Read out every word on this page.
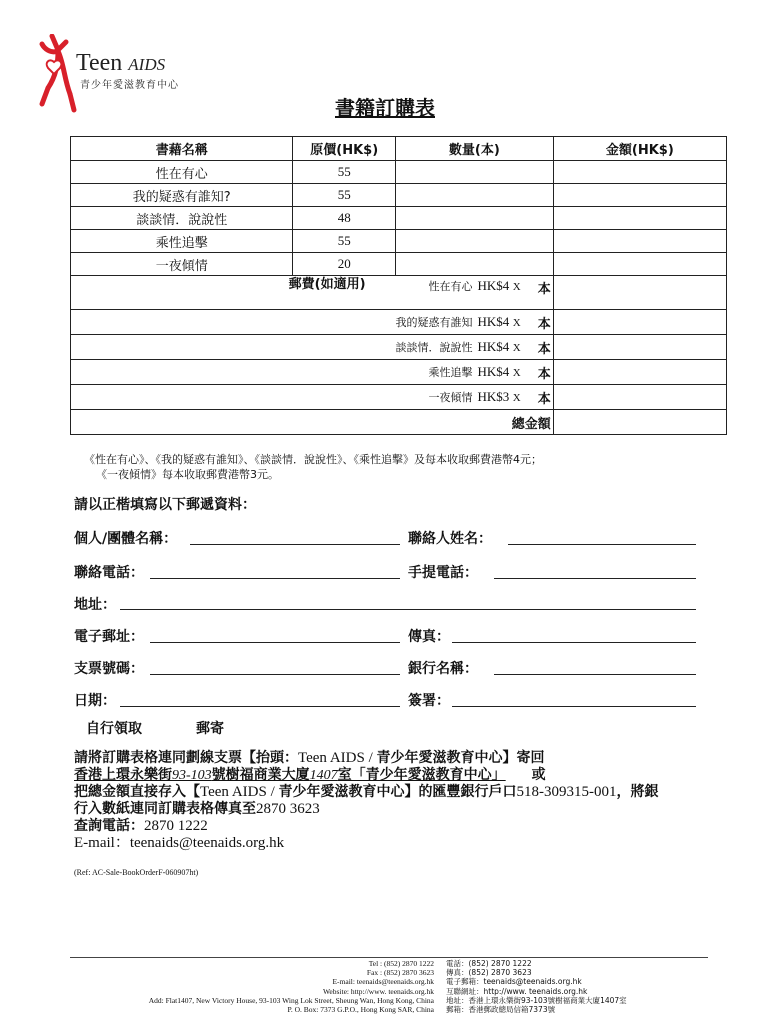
Teen AIDS
青少年愛滋教育中心
書籍訂購表
書藉名稱	原價(HK$)	數量(本)		金額(HK$)
性在有心	55			
我的疑惑有誰知?	55			
談談情．說說性	48			
乘性追擊	55			
一夜傾情	20			
郵費(如適用)		性在有心 HK$4 X	本	
		我的疑惑有誰知 HK$4 X	本	
		談談情．說說性 HK$4 X	本	
		乘性追擊 HK$4 X	本	
		一夜傾情 HK$3 X	本	
總金額				
《性在有心》、《我的疑惑有誰知》、《談談情．說說性》、《乘性追擊》及每本收取郵費港幣4元；
《一夜傾情》每本收取郵費港幣3元。
請以正楷填寫以下郵遞資料：
個人/團體名稱：	聯絡人姓名：
聯絡電話：	手提電話：
地址：
電子郵址：	傳真：
支票號碼：	銀行名稱：
日期：	簽署：
自行領取	郵寄
請將訂購表格連同劃線支票【抬頭：Teen AIDS / 青少年愛滋教育中心】寄回
香港上環永樂街93-103號樹福商業大廈1407室「青少年愛滋教育中心」 或
把總金額直接存入【Teen AIDS / 青少年愛滋教育中心】的匯豐銀行戶口518-309315-001，將銀
行入數紙連同訂購表格傳真至2870 3623
查詢電話：2870 1222
E-mail：teenaids@teenaids.org.hk
(Ref: AC-Sale-BookOrderF-060907ht)
Tel : (852) 2870 1222
Fax : (852) 2870 3623
E-mail: teenaids@teenaids.org.hk
Website: http://www. teenaids.org.hk
Add: Flat1407, New Victory House, 93-103 Wing Lok Street, Sheung Wan, Hong Kong, China
P. O. Box: 7373 G.P.O., Hong Kong SAR, China
電話：(852) 2870 1222
傳真：(852) 2870 3623
電子郵箱：teenaids@teenaids.org.hk
互聯網址：http://www. teenaids.org.hk
地址：香港上環永樂街93-103號樹福商業大廈1407室
郵箱：香港郵政總局信箱7373號
